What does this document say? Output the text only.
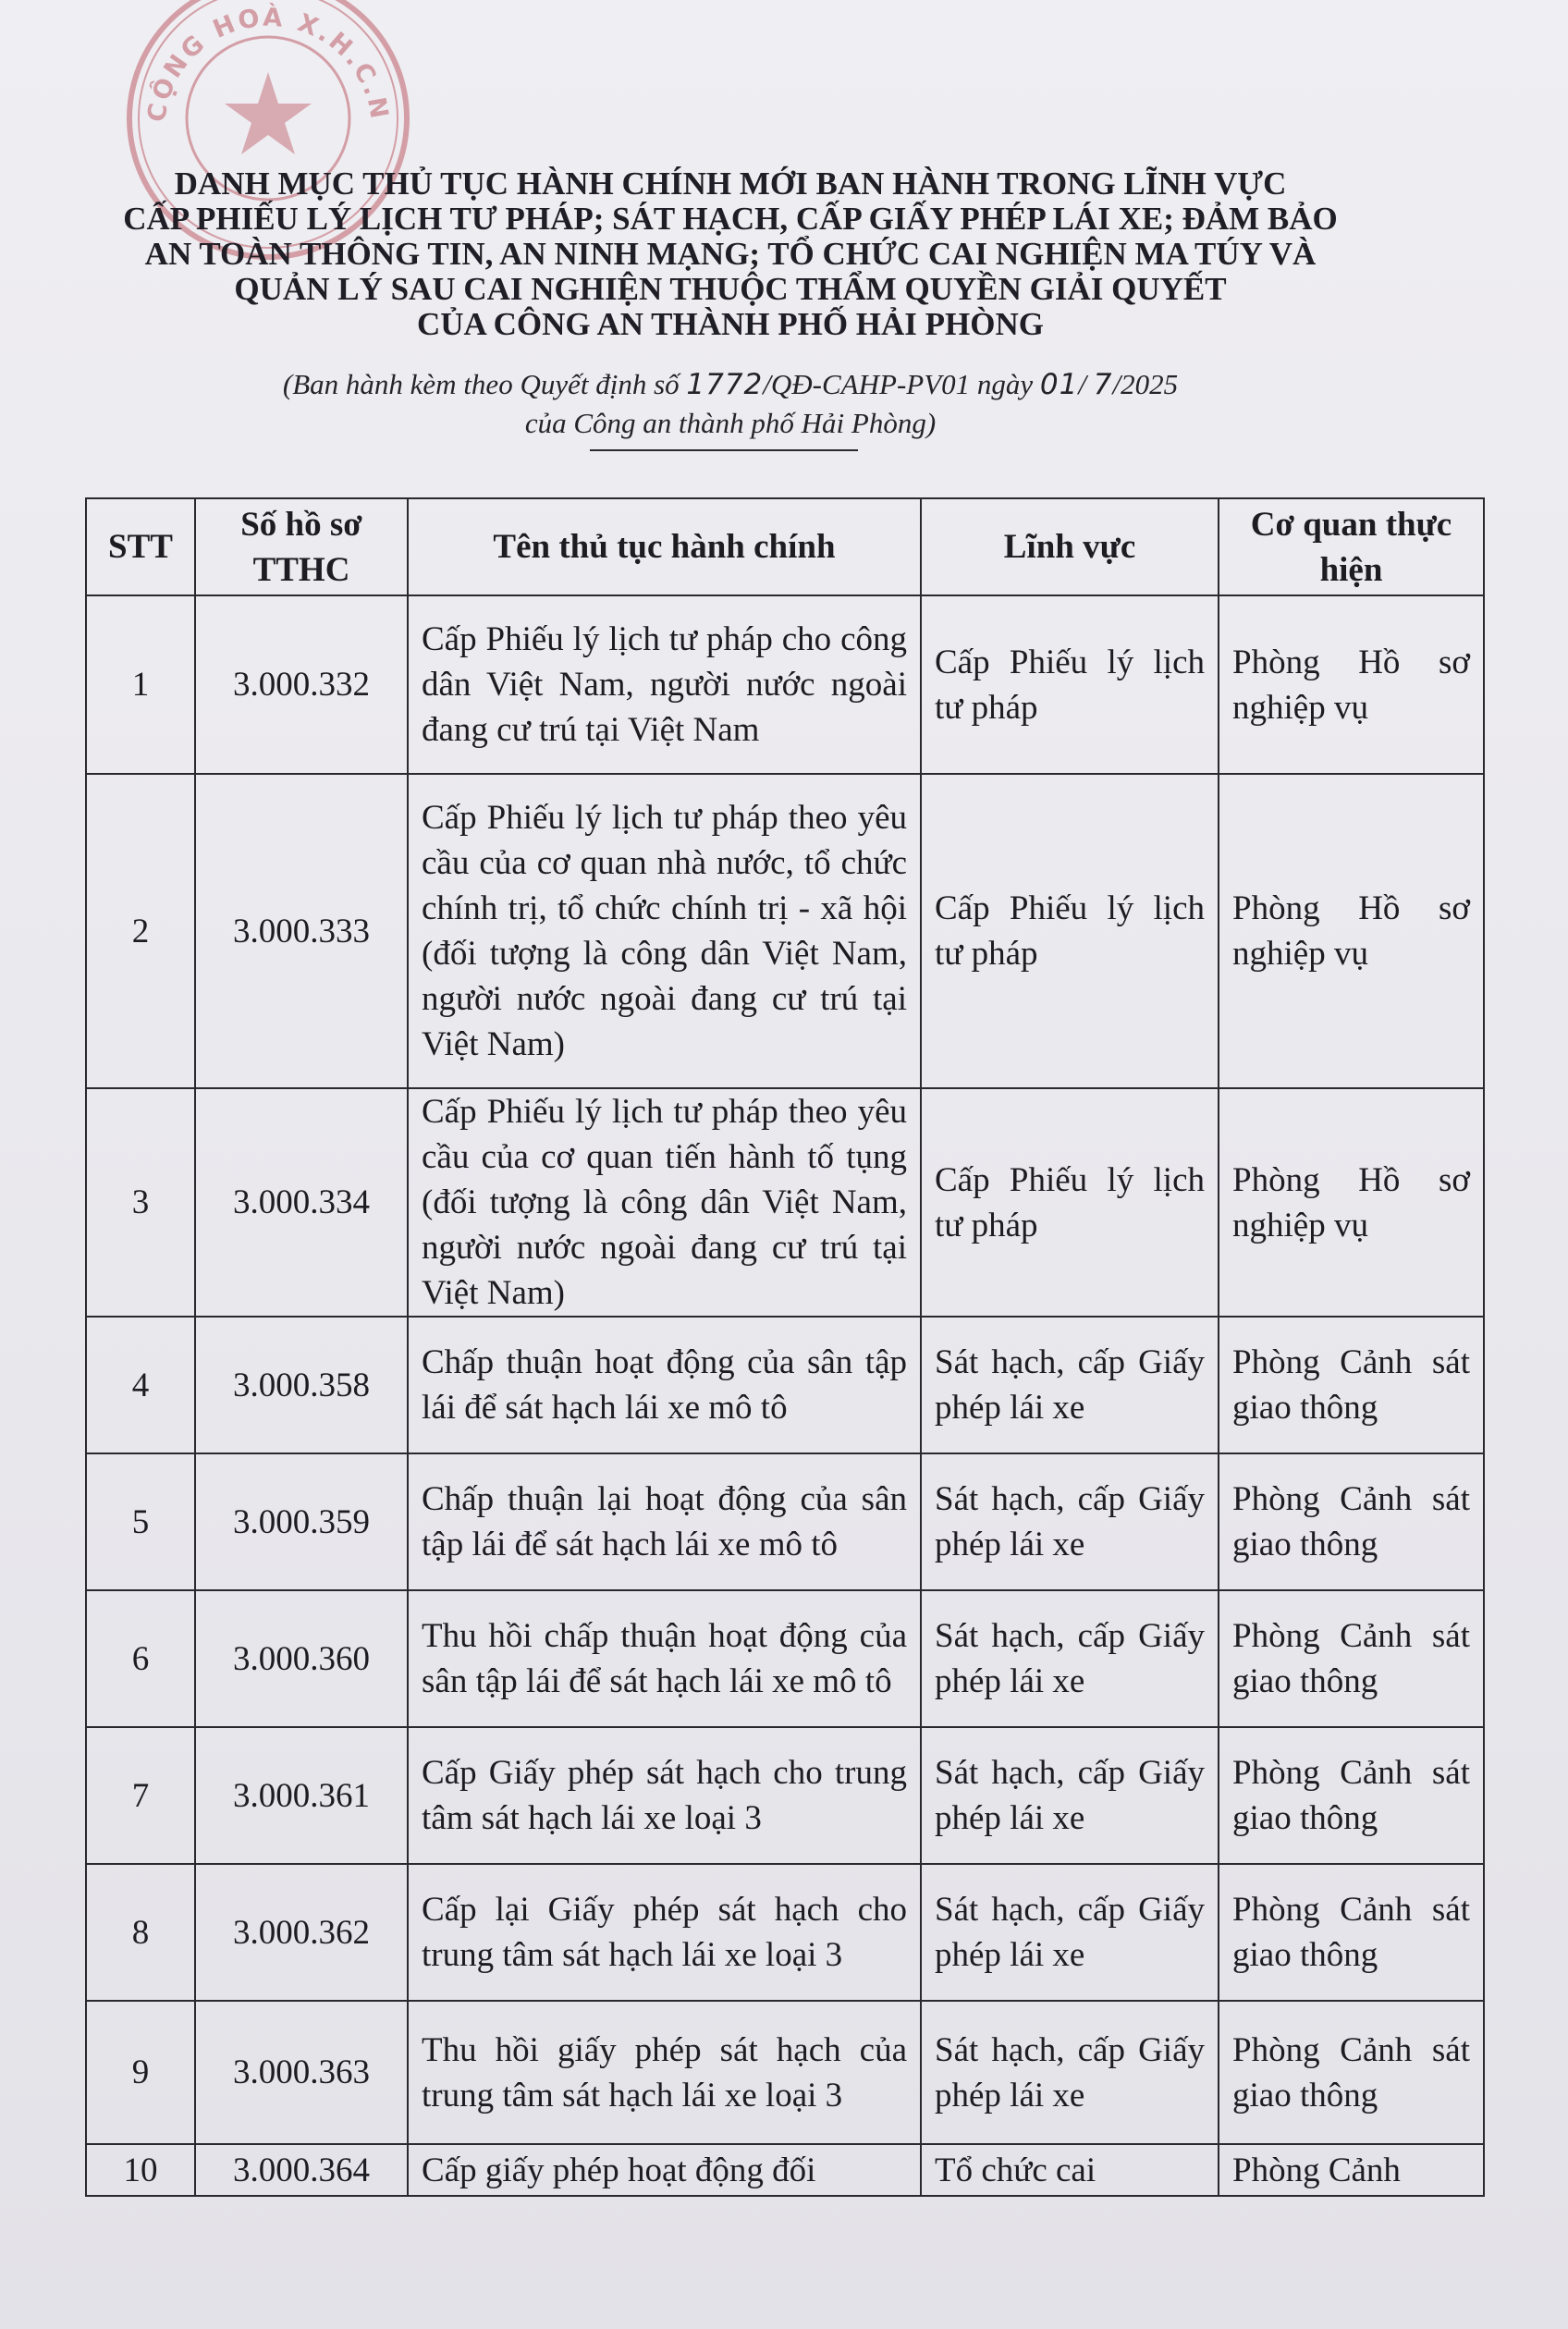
CỘNG HOÀ X.H.C.N
DANH MỤC THỦ TỤC HÀNH CHÍNH MỚI BAN HÀNH TRONG LĨNH VỰC
CẤP PHIẾU LÝ LỊCH TƯ PHÁP; SÁT HẠCH, CẤP GIẤY PHÉP LÁI XE; ĐẢM BẢO
AN TOÀN THÔNG TIN, AN NINH MẠNG; TỔ CHỨC CAI NGHIỆN MA TÚY VÀ
QUẢN LÝ SAU CAI NGHIỆN THUỘC THẨM QUYỀN GIẢI QUYẾT
CỦA CÔNG AN THÀNH PHỐ HẢI PHÒNG
(Ban hành kèm theo Quyết định số 1772/QĐ-CAHP-PV01 ngày 01/ 7/2025
của Công an thành phố Hải Phòng)
STT	Số hồ sơ TTHC	Tên thủ tục hành chính	Lĩnh vực	Cơ quan thực hiện
1	3.000.332	Cấp Phiếu lý lịch tư pháp cho công dân Việt Nam, người nước ngoài đang cư trú tại Việt Nam	Cấp Phiếu lý lịch tư pháp	Phòng Hồ sơ nghiệp vụ
2	3.000.333	Cấp Phiếu lý lịch tư pháp theo yêu cầu của cơ quan nhà nước, tổ chức chính trị, tổ chức chính trị - xã hội (đối tượng là công dân Việt Nam, người nước ngoài đang cư trú tại Việt Nam)	Cấp Phiếu lý lịch tư pháp	Phòng Hồ sơ nghiệp vụ
3	3.000.334	Cấp Phiếu lý lịch tư pháp theo yêu cầu của cơ quan tiến hành tố tụng (đối tượng là công dân Việt Nam, người nước ngoài đang cư trú tại Việt Nam)	Cấp Phiếu lý lịch tư pháp	Phòng Hồ sơ nghiệp vụ
4	3.000.358	Chấp thuận hoạt động của sân tập lái để sát hạch lái xe mô tô	Sát hạch, cấp Giấy phép lái xe	Phòng Cảnh sát giao thông
5	3.000.359	Chấp thuận lại hoạt động của sân tập lái để sát hạch lái xe mô tô	Sát hạch, cấp Giấy phép lái xe	Phòng Cảnh sát giao thông
6	3.000.360	Thu hồi chấp thuận hoạt động của sân tập lái để sát hạch lái xe mô tô	Sát hạch, cấp Giấy phép lái xe	Phòng Cảnh sát giao thông
7	3.000.361	Cấp Giấy phép sát hạch cho trung tâm sát hạch lái xe loại 3	Sát hạch, cấp Giấy phép lái xe	Phòng Cảnh sát giao thông
8	3.000.362	Cấp lại Giấy phép sát hạch cho trung tâm sát hạch lái xe loại 3	Sát hạch, cấp Giấy phép lái xe	Phòng Cảnh sát giao thông
9	3.000.363	Thu hồi giấy phép sát hạch của trung tâm sát hạch lái xe loại 3	Sát hạch, cấp Giấy phép lái xe	Phòng Cảnh sát giao thông
10	3.000.364	Cấp giấy phép hoạt động đối	Tổ chức cai	Phòng Cảnh
